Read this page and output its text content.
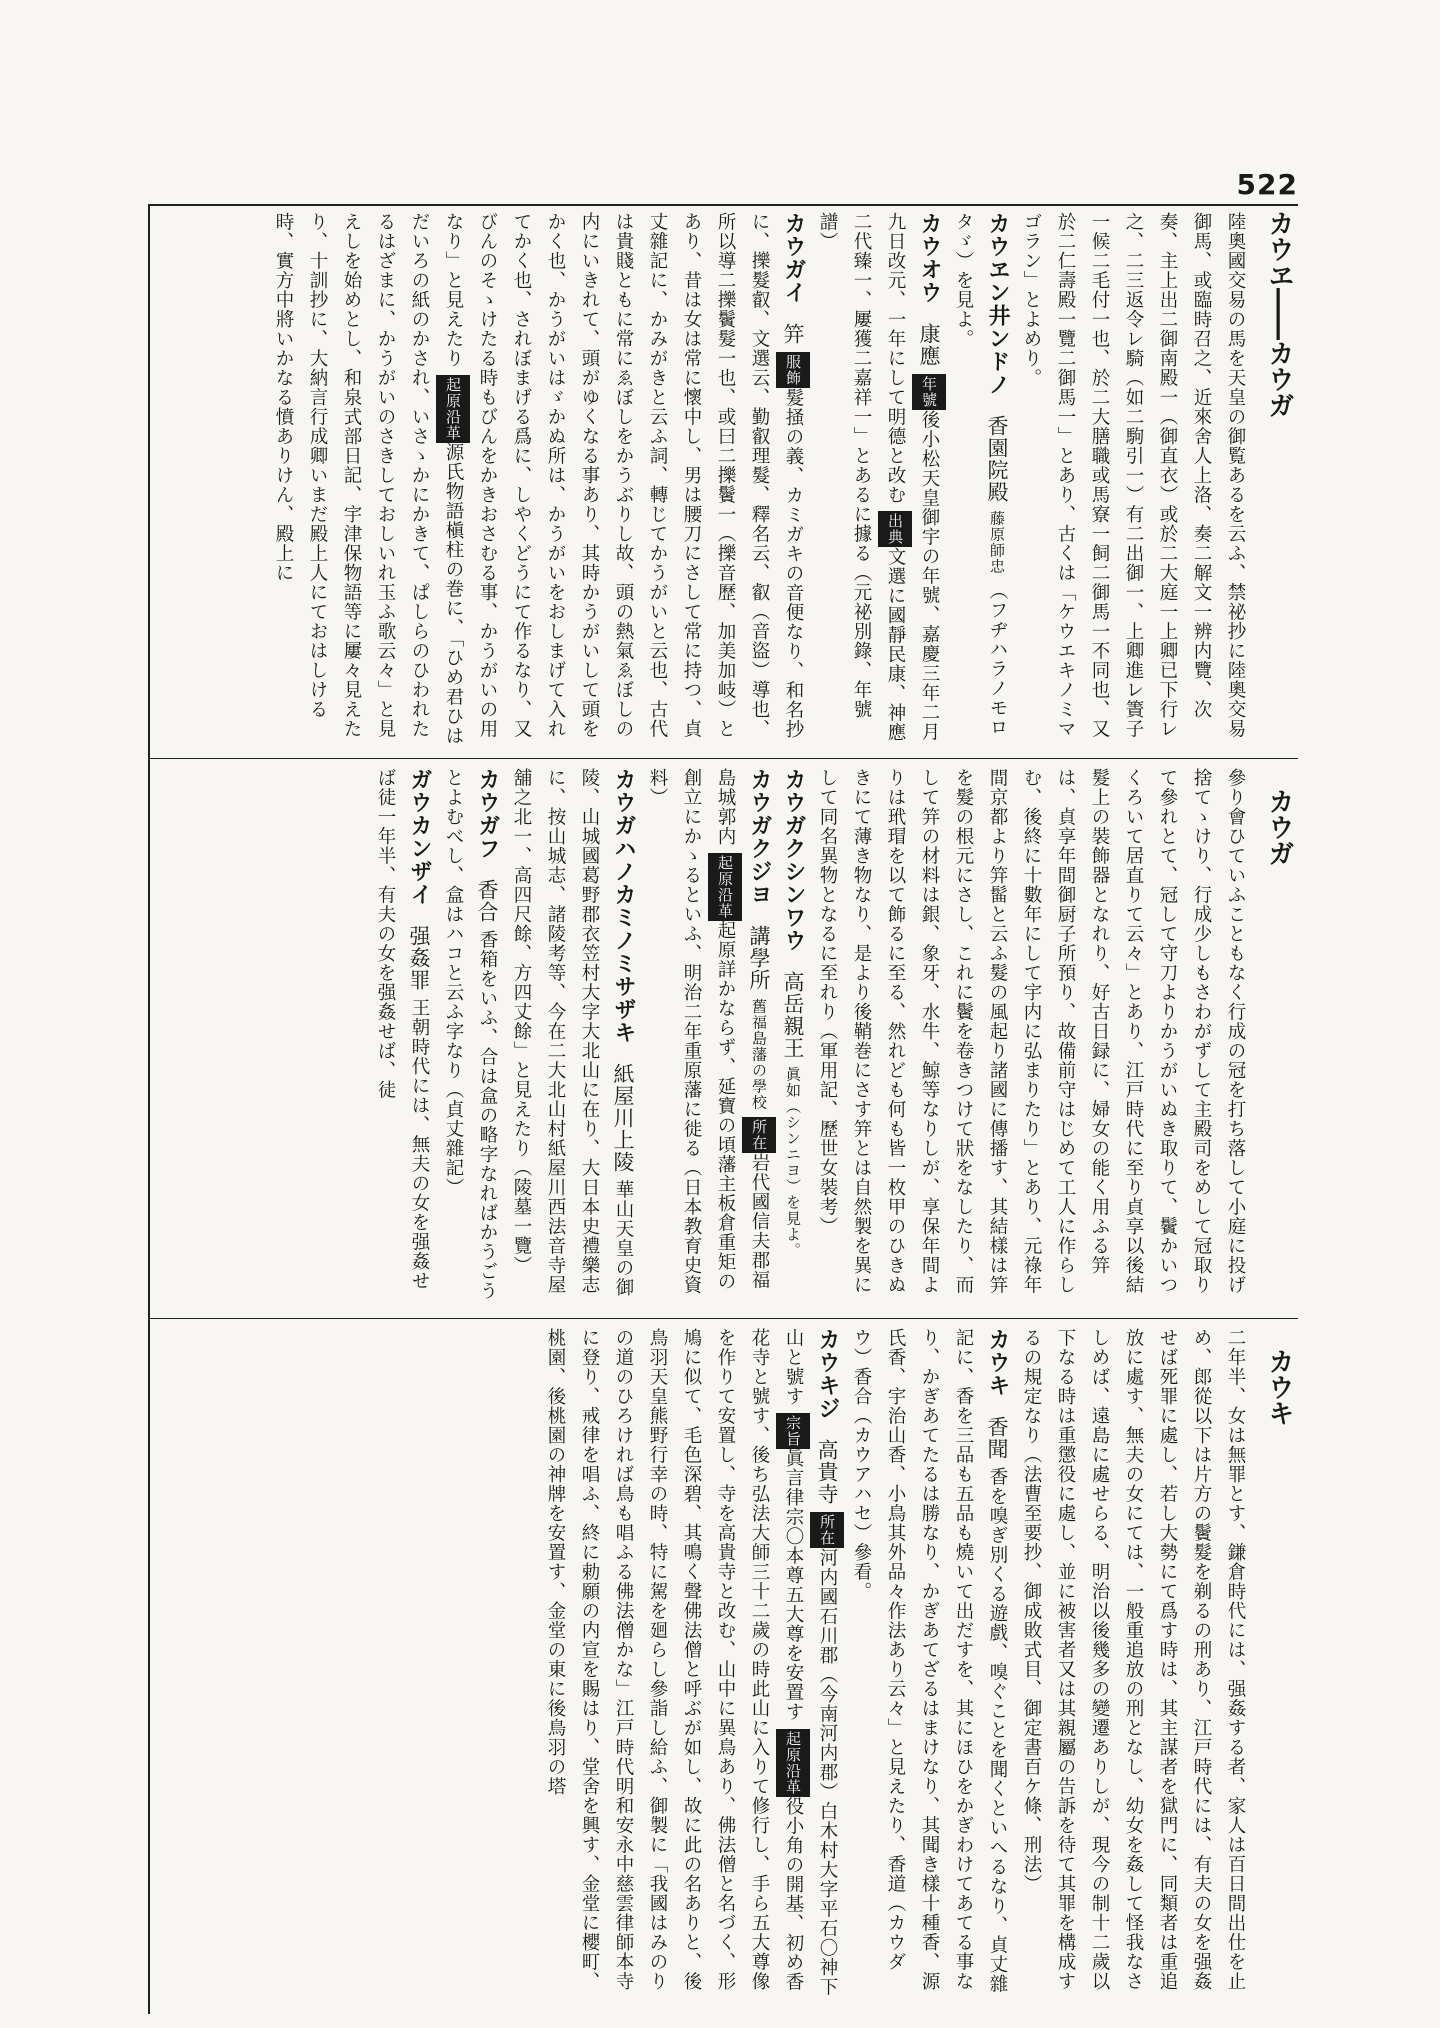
522
カウヱ――カウガ
カウガ
カウキ

陸奧國交易の馬を天皇の御覧あるを云ふ、禁祕抄に陸奧交易御馬、或臨時召之、近來舍人上洛、奏二解文一辨内覽、次奏、主上出二御南殿一（御直衣）或於二大庭一上卿已下行レ之、二三返令レ騎（如二駒引一）有二出御一、上卿進レ簀子一候二毛付一也、於二大膳職或馬寮一飼二御馬一不同也、又於二仁壽殿一覽二御馬一」とあり、古くは「ケウエキノミマゴラン」とよめり。

カウヱン井ンドノ 香園院殿 藤原師忠 （フヂハラノモロタゞ）を見よ。

カウオウ 康應 年號後小松天皇御宇の年號、嘉慶三年二月九日改元、一年にして明德と改む 出典文選に國靜民康、神應二代臻一、屢獲二嘉祥一」とあるに據る（元祕別錄、年號譜）

カウガイ 笄 服飾髮掻の義、カミガキの音便なり、和名抄に、擽髮叡、文選云、勤叡理髮、釋名云、叡（音盜）導也、所以導二擽鬢髮一也、或曰二擽鬢一（擽音歷、加美加岐）とあり、昔は女は常に懷中し、男は腰刀にさして常に持つ、貞丈雜記に、かみがきと云ふ詞、轉じてかうがいと云也、古代は貴賤ともに常にゑぼしをかうぶりし故、頭の熱氣ゑぼしの内にいきれて、頭がゆくなる事あり、其時かうがいして頭をかく也、かうがいはゞかぬ所は、かうがいをおしまげて入れてかく也、されぼまげる爲に、しやくどうにて作るなり、又びんのそゝけたる時もびんをかきおさむる事、かうがいの用なり」と見えたり 起原沿革源氏物語槇柱の巻に、「ひめ君ひはだいろの紙のかされ、いさゝかにかきて、ぱしらのひわれたるはざまに、かうがいのさきしておしいれ玉ふ歌云々」と見えしを始めとし、和泉式部日記、宇津保物語等に屢々見えたり、十訓抄に、大納言行成卿いまだ殿上人にておはしける時、實方中將いかなる憤ありけん、殿上に

參り會ひていふこともなく行成の冠を打ち落して小庭に投げ捨てゝけり、行成少しもさわがずして主殿司をめして冠取りて參れとて、冠して守刀よりかうがいぬき取りて、鬢かいつくろいて居直りて云々」とあり、江戸時代に至り貞享以後結髮上の裝飾器となれり、好古日録に、婦女の能く用ふる笄は、貞享年間御厨子所預り、故備前守はじめて工人に作らしむ、後終に十數年にして宇内に弘まりたり」とあり、元祿年間京都より笄髷と云ふ髮の風起り諸國に傳播す、其結樣は笄を髮の根元にさし、これに鬢を卷きつけて狀をなしたり、而して笄の材料は銀、象牙、水牛、鯨等なりしが、享保年間よりは玳瑁を以て飾るに至る、然れども何も皆一枚甲のひきぬきにて薄き物なり、是より後鞘巻にさす笄とは自然製を異にして同名異物となるに至れり（軍用記、歷世女裝考）

カウガクシンワウ 高岳親王 眞如（シンニヨ）を見よ。

カウガクジヨ 講學所 舊福島藩の學校 所在岩代國信夫郡福島城郭内 起原沿革起原詳かならず、延寶の頃藩主板倉重矩の創立にかゝるといふ、明治二年重原藩に徙る（日本教育史資料）

カウガハノカミノミサザキ 紙屋川上陵 華山天皇の御陵、山城國葛野郡衣笠村大字大北山に在り、大日本史禮樂志に、按山城志、諸陵考等、今在二大北山村紙屋川西法音寺屋舖之北一、高四尺餘、方四丈餘」と見えたり（陵墓一覽）

カウガフ 香合 香箱をいふ、合は盒の略字なればかうごうとよむべし、盒はハコと云ふ字なり（貞丈雜記）

ガウカンザイ 强姦罪 王朝時代には、無夫の女を强姦せば徒一年半、有夫の女を强姦せば、徒

二年半、女は無罪とす、鎌倉時代には、强姦する者、家人は百日間出仕を止め、郎從以下は片方の鬢髮を剃るの刑あり、江戸時代には、有夫の女を强姦せば死罪に處し、若し大勢にて爲す時は、其主謀者を獄門に、同類者は重追放に處す、無夫の女にては、一般重追放の刑となし、幼女を姦して怪我なさしめば、遠島に處せらる、明治以後幾多の變遷ありしが、現今の制十二歲以下なる時は重懲役に處し、並に被害者又は其親屬の告訴を待て其罪を構成するの規定なり（法曹至要抄、御成敗式目、御定書百ケ條、刑法）

カウキ 香聞 香を嗅ぎ別くる遊戲、嗅ぐことを聞くといへるなり、貞丈雜記に、香を三品も五品も燒いて出だすを、其にほひをかぎわけてあてる事なり、かぎあてたるは勝なり、かぎあてざるはまけなり、其聞き樣十種香、源氏香、宇治山香、小鳥其外品々作法あり云々」と見えたり、香道（カウダウ）香合（カウアハセ）參看。

カウキジ 高貴寺 所在河内國石川郡（今南河内郡）白木村大字平石〇神下山と號す 宗旨眞言律宗〇本尊五大尊を安置す 起原沿革役小角の開基、初め香花寺と號す、後ち弘法大師三十二歲の時此山に入りて修行し、手ら五大尊像を作りて安置し、寺を高貴寺と改む、山中に異鳥あり、佛法僧と名づく、形鳩に似て、毛色深碧、其鳴く聲佛法僧と呼ぶが如し、故に此の名ありと、後鳥羽天皇熊野行幸の時、特に駕を廻らし參詣し給ふ、御製に「我國はみのりの道のひろければ鳥も唱ふる佛法僧かな」江戸時代明和安永中慈雲律師本寺に登り、戒律を唱ふ、終に勅願の内宣を賜はり、堂舍を興す、金堂に櫻町、桃園、後桃園の神牌を安置す、金堂の東に後鳥羽の塔
